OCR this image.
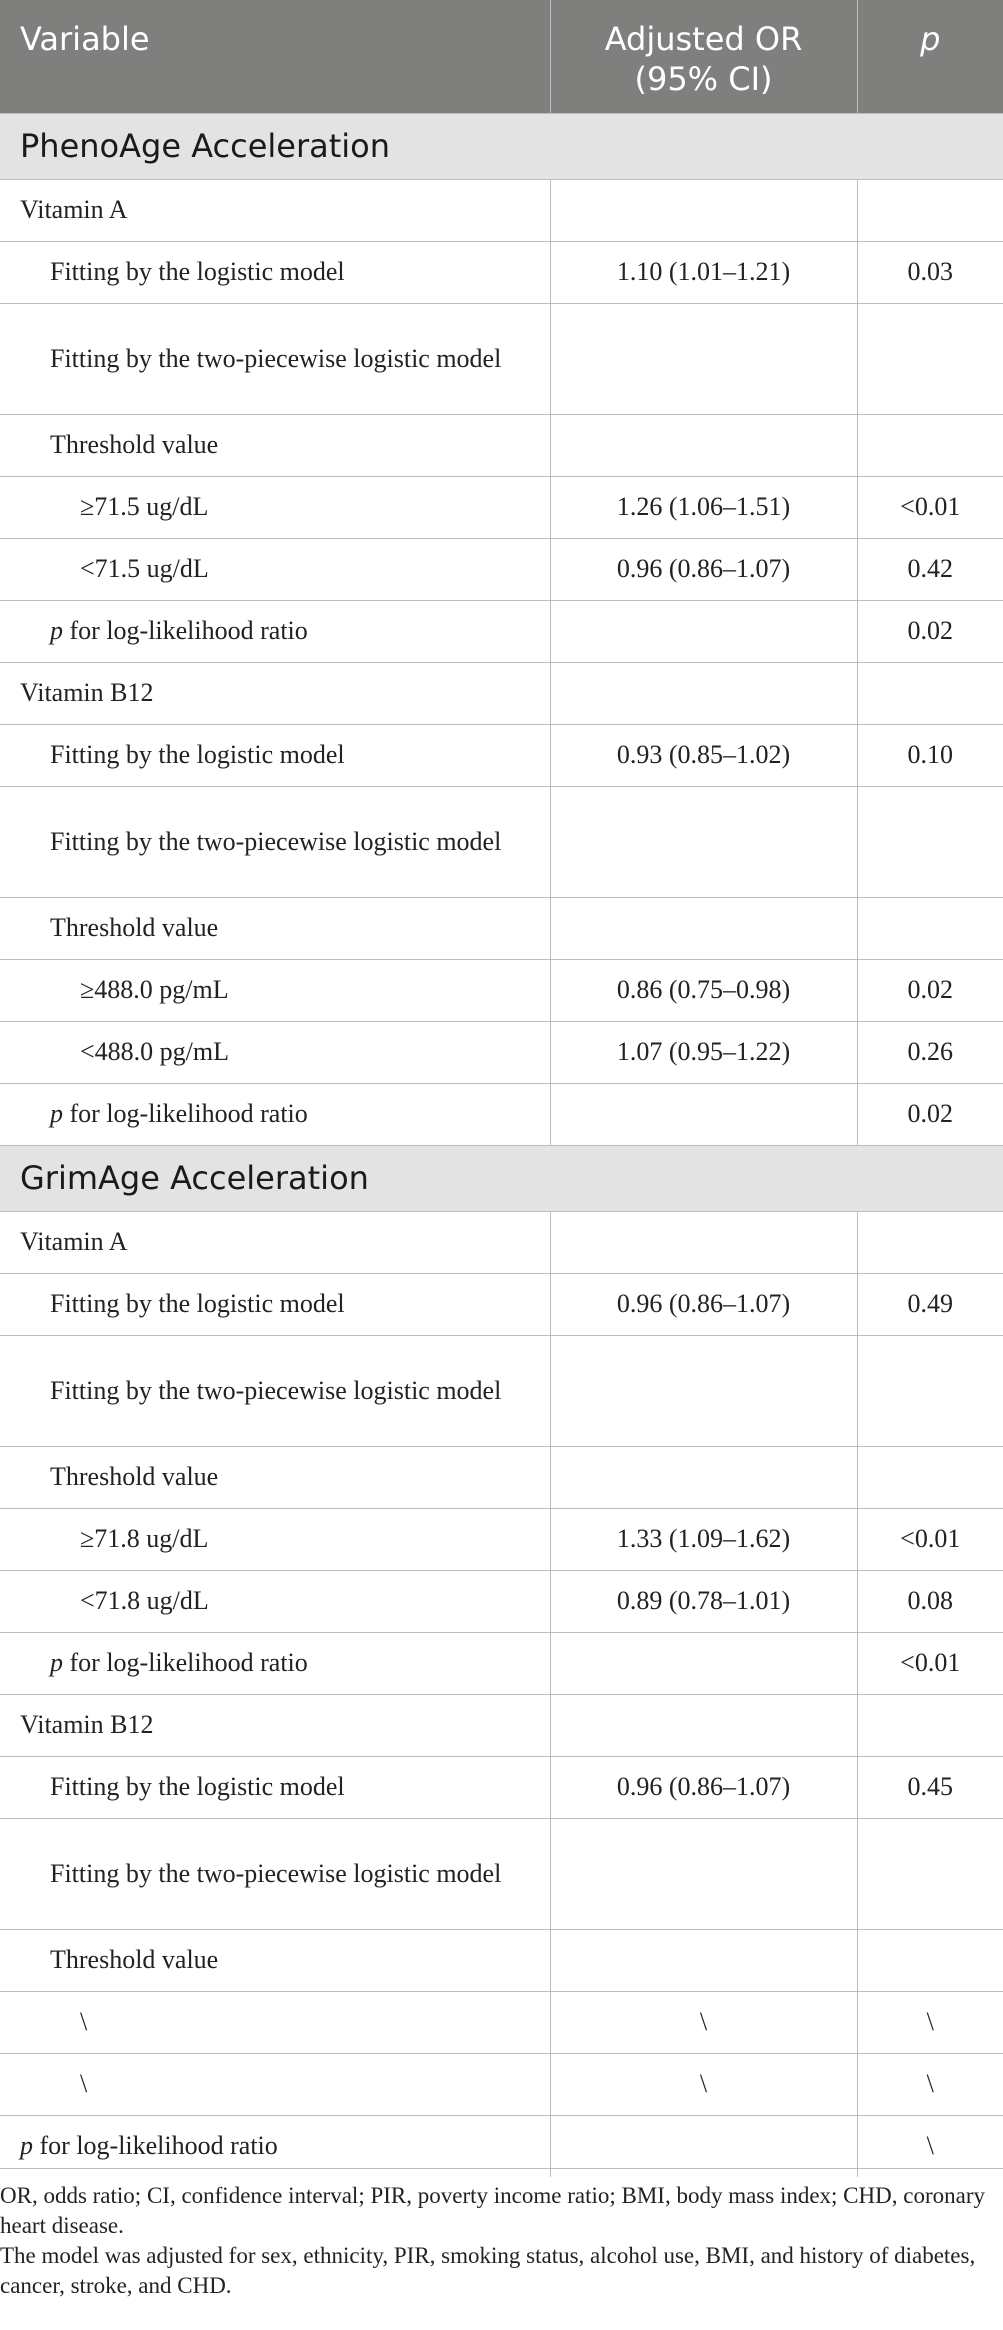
Variable	Adjusted OR (95% CI)	p
PhenoAge Acceleration		
Vitamin A		
Fitting by the logistic model	1.10 (1.01–1.21)	0.03
Fitting by the two-piecewise logistic model		
Threshold value		
≥71.5 ug/dL	1.26 (1.06–1.51)	<0.01
<71.5 ug/dL	0.96 (0.86–1.07)	0.42
p for log-likelihood ratio		0.02
Vitamin B12		
Fitting by the logistic model	0.93 (0.85–1.02)	0.10
Fitting by the two-piecewise logistic model		
Threshold value		
≥488.0 pg/mL	0.86 (0.75–0.98)	0.02
<488.0 pg/mL	1.07 (0.95–1.22)	0.26
p for log-likelihood ratio		0.02
GrimAge Acceleration		
Vitamin A		
Fitting by the logistic model	0.96 (0.86–1.07)	0.49
Fitting by the two-piecewise logistic model		
Threshold value		
≥71.8 ug/dL	1.33 (1.09–1.62)	<0.01
<71.8 ug/dL	0.89 (0.78–1.01)	0.08
p for log-likelihood ratio		<0.01
Vitamin B12		
Fitting by the logistic model	0.96 (0.86–1.07)	0.45
Fitting by the two-piecewise logistic model		
Threshold value		
\	\	\
\	\	\
p for log-likelihood ratio		\

OR, odds ratio; CI, confidence interval; PIR, poverty income ratio; BMI, body mass index; CHD, coronary heart disease.

The model was adjusted for sex, ethnicity, PIR, smoking status, alcohol use, BMI, and history of diabetes, cancer, stroke, and CHD.
